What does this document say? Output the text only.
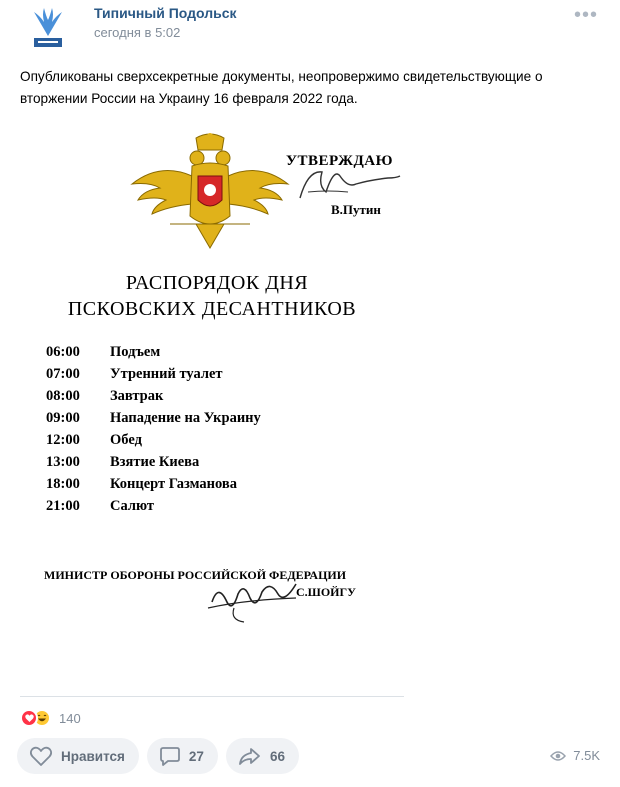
Типичный Подольск
сегодня в 5:02
•••
Опубликованы сверхсекретные документы, неопровержимо свидетельствующие о вторжении России на Украину 16 февраля 2022 года.
УТВЕРЖДАЮ
В.Путин
РАСПОРЯДОК ДНЯ
ПСКОВСКИХ ДЕСАНТНИКОВ
06:00 Подъем
07:00 Утренний туалет
08:00 Завтрак
09:00 Нападение на Украину
12:00 Обед
13:00 Взятие Киева
18:00 Концерт Газманова
21:00 Салют
МИНИСТР ОБОРОНЫ РОССИЙСКОЙ ФЕДЕРАЦИИ
С.ШОЙГУ
140
Нравится	27	66	7.5K
